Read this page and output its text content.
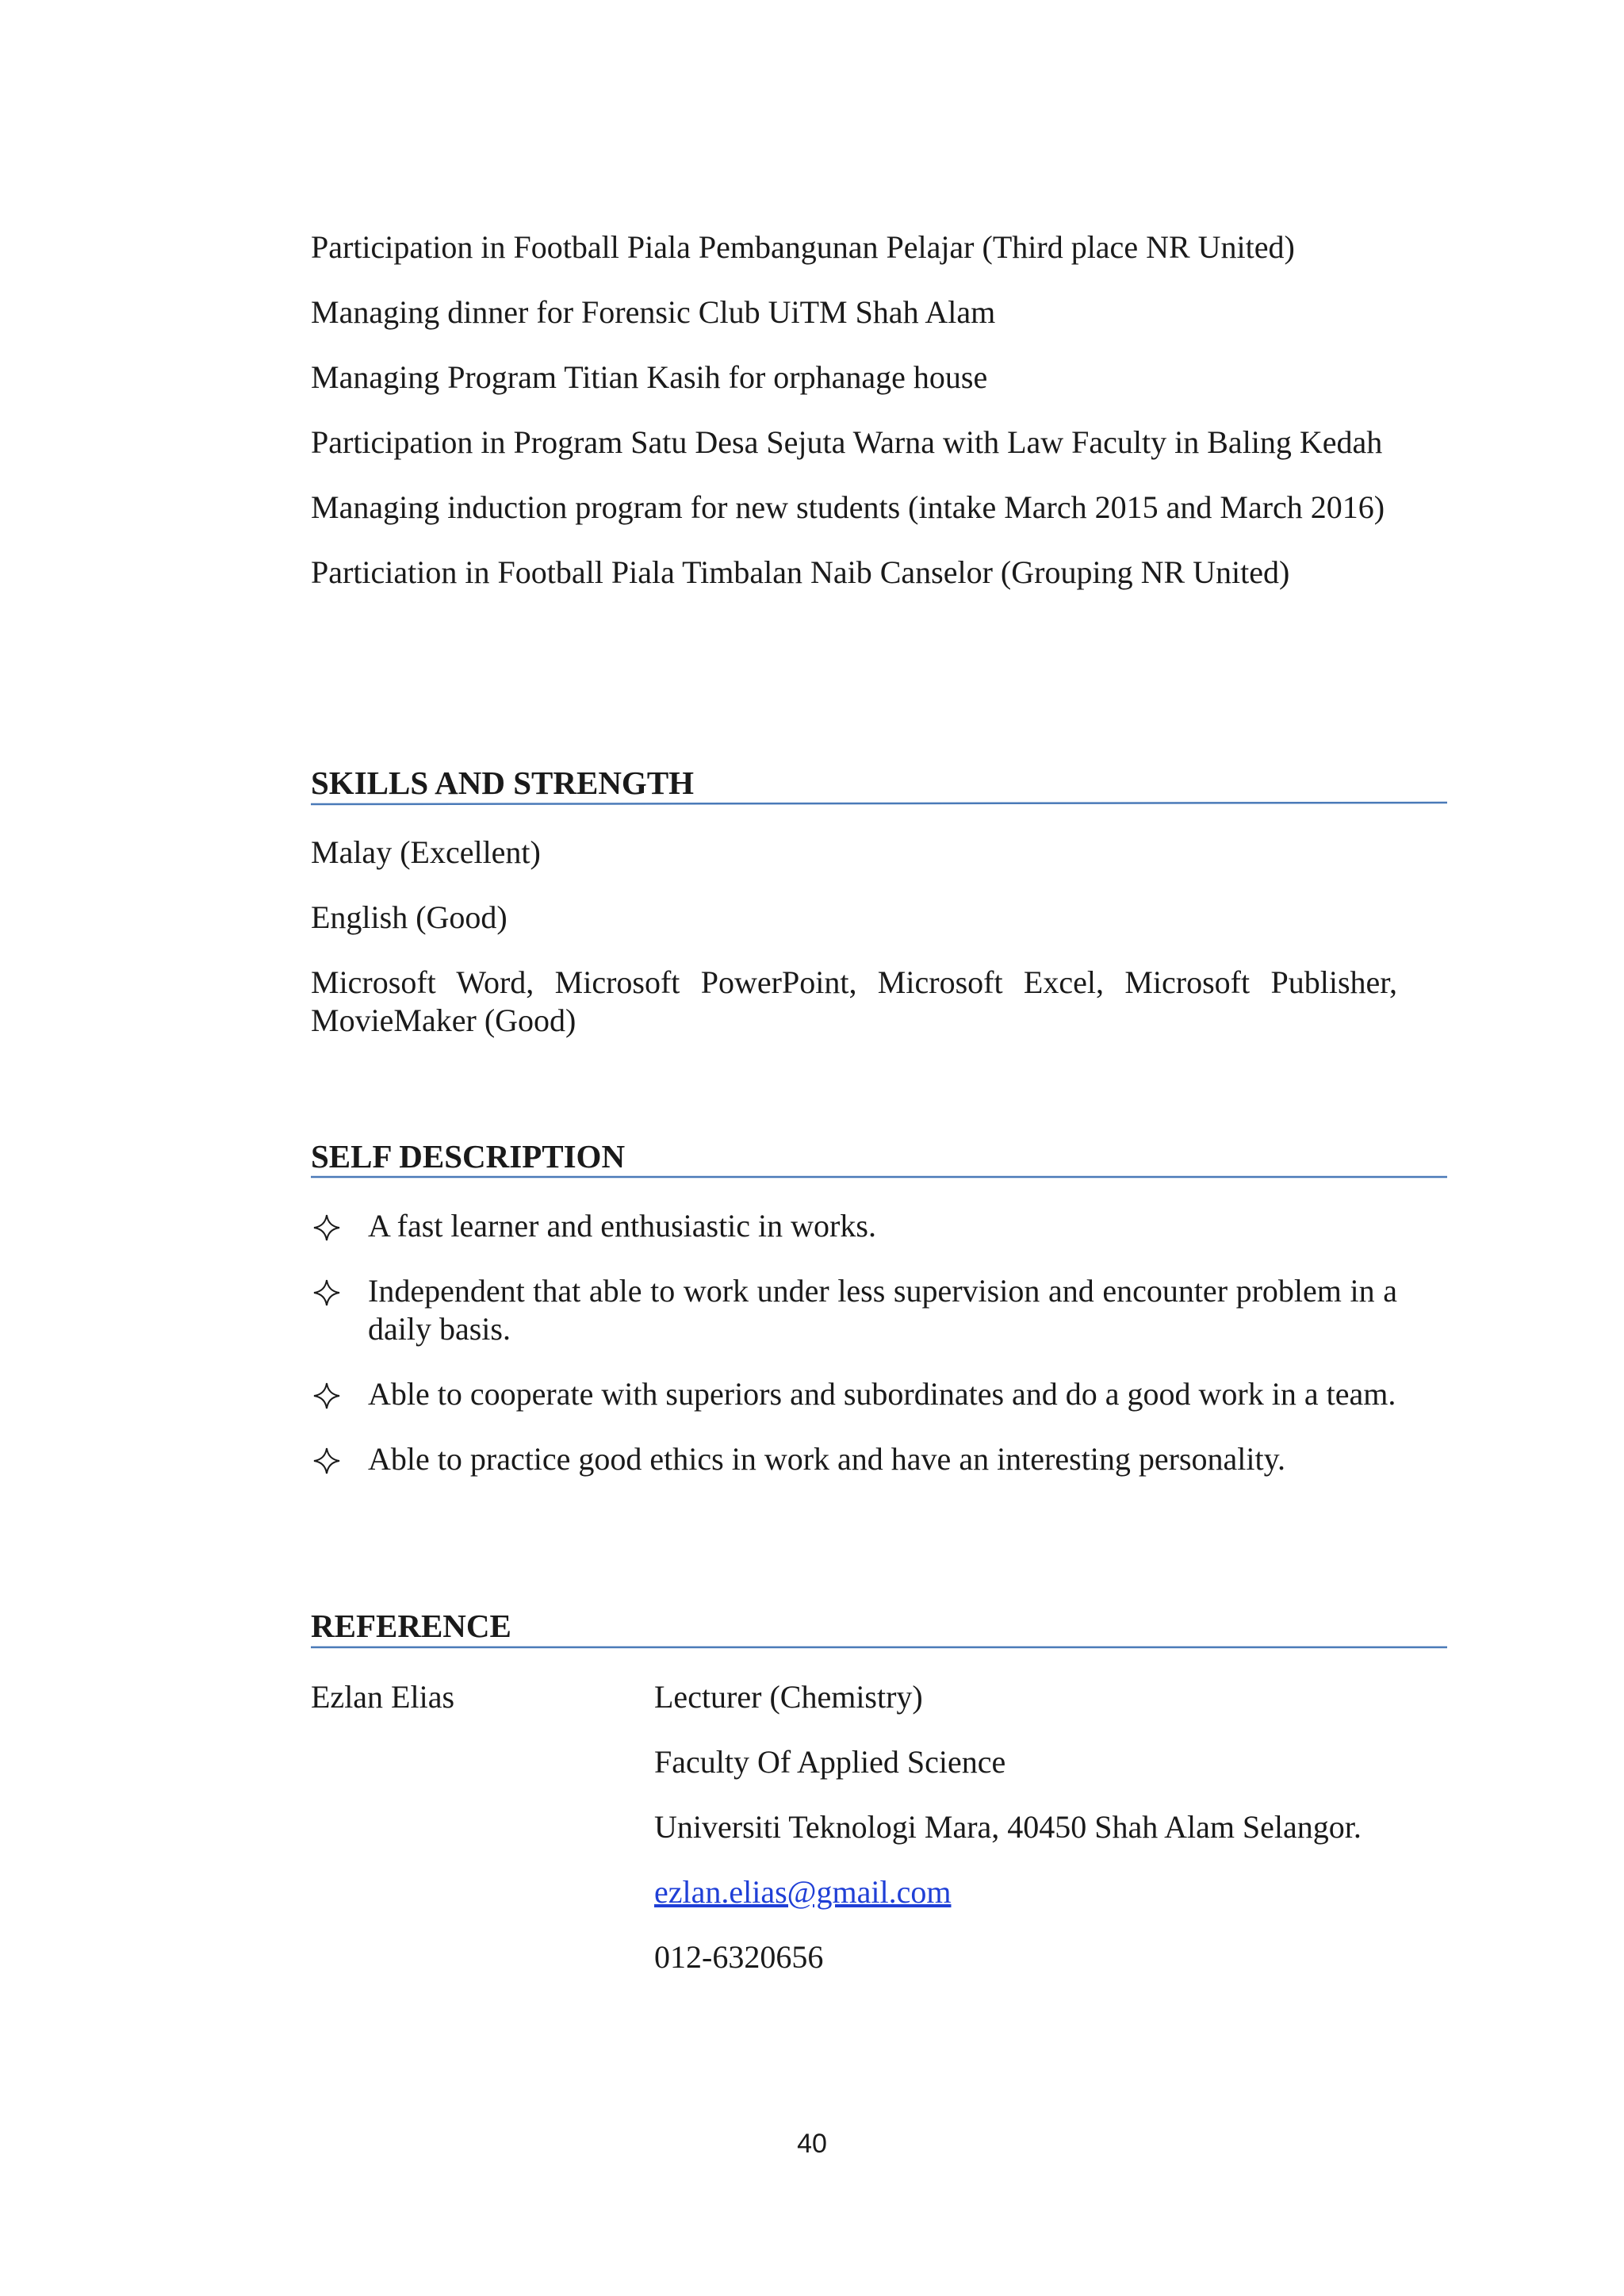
Participation in Football Piala Pembangunan Pelajar (Third place NR United)

Managing dinner for Forensic Club UiTM Shah Alam

Managing Program Titian Kasih for orphanage house

Participation in Program Satu Desa Sejuta Warna with Law Faculty in Baling Kedah

Managing induction program for new students (intake March 2015 and March 2016)

Particiation in Football Piala Timbalan Naib Canselor (Grouping NR United)

SKILLS AND STRENGTH

Malay (Excellent)

English (Good)

Microsoft Word, Microsoft PowerPoint, Microsoft Excel, Microsoft Publisher, MovieMaker (Good)

SELF DESCRIPTION
A fast learner and enthusiastic in works.
Independent that able to work under less supervision and encounter problem in a daily basis.
Able to cooperate with superiors and subordinates and do a good work in a team.
Able to practice good ethics in work and have an interesting personality.
REFERENCE
Ezlan Elias	Lecturer (Chemistry)

Faculty Of Applied Science

Universiti Teknologi Mara, 40450 Shah Alam Selangor.

ezlan.elias@gmail.com

012-6320656

40
